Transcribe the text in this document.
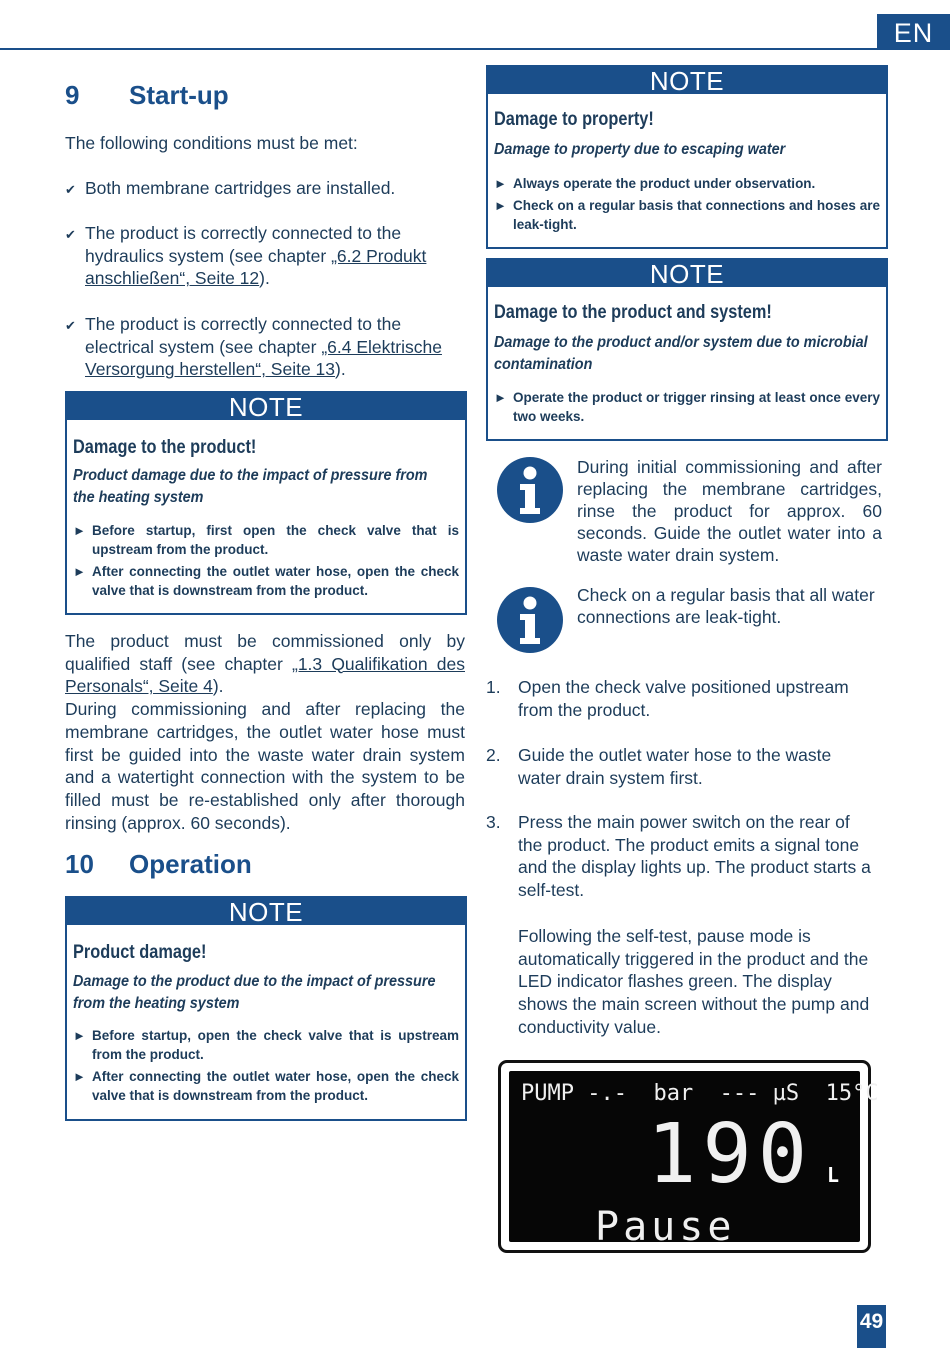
EN
9 Start-up

The following conditions must be met:

✔ Both membrane cartridges are installed.
✔ The product is correctly connected to the hydraulics system (see chapter „6.2 Produkt anschließen“, Seite 12).
✔ The product is correctly connected to the electrical system (see chapter „6.4 Elektrische Versorgung herstellen“, Seite 13).
NOTE
Damage to the product!
Product damage due to the impact of pressure from
the heating system
► Before startup, first open the check valve that is upstream from the product.
► After connecting the outlet water hose, open the check valve that is downstream from the product.

The product must be commissioned only by qualified staff (see chapter „1.3 Qualifikation des Personals“, Seite 4).
During commissioning and after replacing the membrane cartridges, the outlet water hose must first be guided into the waste water drain system and a watertight connection with the system to be filled must be re-established only after thorough rinsing (approx. 60 seconds).

10 Operation
NOTE
Product damage!
Damage to the product due to the impact of pressure
from the heating system
► Before startup, open the check valve that is upstream from the product.
► After connecting the outlet water hose, open the check valve that is downstream from the product.
NOTE
Damage to property!
Damage to property due to escaping water
► Always operate the product under observation.
► Check on a regular basis that connections and hoses are leak-tight.
NOTE
Damage to the product and system!
Damage to the product and/or system due to microbial
contamination
► Operate the product or trigger rinsing at least once every two weeks.
During initial commissioning and after replacing the membrane cartridges, rinse the product for approx. 60 seconds. Guide the outlet water into a waste water drain system.
Check on a regular basis that all water connections are leak-tight.
1. Open the check valve positioned upstream from the product.
2. Guide the outlet water hose to the waste water drain system first.
3. Press the main power switch on the rear of the product. The product emits a signal tone and the display lights up. The product starts a self-test.

Following the self-test, pause mode is automatically triggered in the product and the LED indicator flashes green. The display shows the main screen without the pump and conductivity value.

PUMP -.-  bar  --- µS  15°C
190 L
Pause
49
